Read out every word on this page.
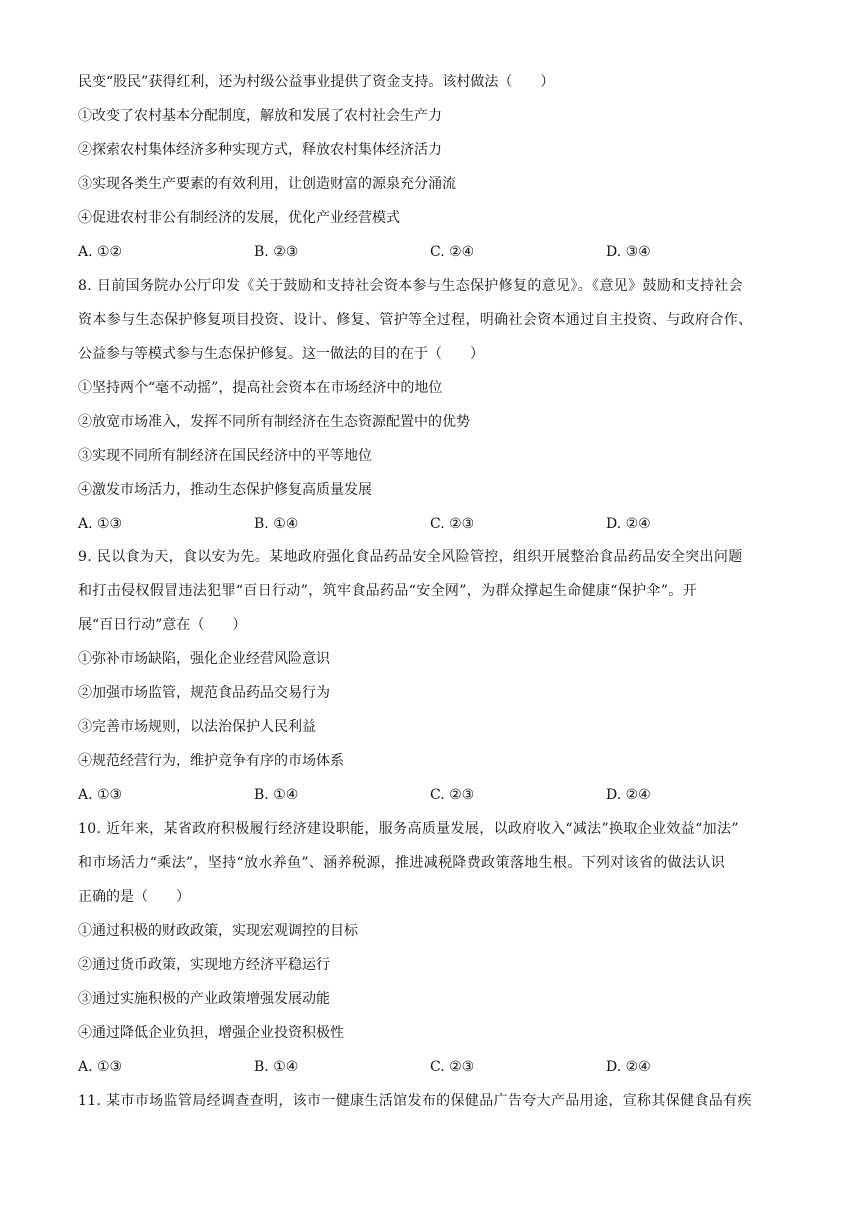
民变“股民”获得红利，还为村级公益事业提供了资金支持。该村做法（　　）
①改变了农村基本分配制度，解放和发展了农村社会生产力
②探索农村集体经济多种实现方式，释放农村集体经济活力
③实现各类生产要素的有效利用，让创造财富的源泉充分涌流
④促进农村非公有制经济的发展，优化产业经营模式
A. ①②	B. ②③	C. ②④	D. ③④
8. 日前国务院办公厅印发《关于鼓励和支持社会资本参与生态保护修复的意见》。《意见》鼓励和支持社会
资本参与生态保护修复项目投资、设计、修复、管护等全过程，明确社会资本通过自主投资、与政府合作、
公益参与等模式参与生态保护修复。这一做法的目的在于（　　）
①坚持两个“毫不动摇”，提高社会资本在市场经济中的地位
②放宽市场准入，发挥不同所有制经济在生态资源配置中的优势
③实现不同所有制经济在国民经济中的平等地位
④激发市场活力，推动生态保护修复高质量发展
A. ①③	B. ①④	C. ②③	D. ②④
9. 民以食为天，食以安为先。某地政府强化食品药品安全风险管控，组织开展整治食品药品安全突出问题
和打击侵权假冒违法犯罪“百日行动”，筑牢食品药品“安全网”，为群众撑起生命健康“保护伞”。开
展“百日行动”意在（　　）
①弥补市场缺陷，强化企业经营风险意识
②加强市场监管，规范食品药品交易行为
③完善市场规则，以法治保护人民利益
④规范经营行为，维护竞争有序的市场体系
A. ①③	B. ①④	C. ②③	D. ②④
10. 近年来，某省政府积极履行经济建设职能，服务高质量发展，以政府收入“减法”换取企业效益“加法”
和市场活力“乘法”，坚持“放水养鱼”、涵养税源，推进减税降费政策落地生根。下列对该省的做法认识
正确的是（　　）
①通过积极的财政政策，实现宏观调控的目标
②通过货币政策，实现地方经济平稳运行
③通过实施积极的产业政策增强发展动能
④通过降低企业负担，增强企业投资积极性
A. ①③	B. ①④	C. ②③	D. ②④
11. 某市市场监管局经调查查明，该市一健康生活馆发布的保健品广告夸大产品用途，宣称其保健食品有疾
